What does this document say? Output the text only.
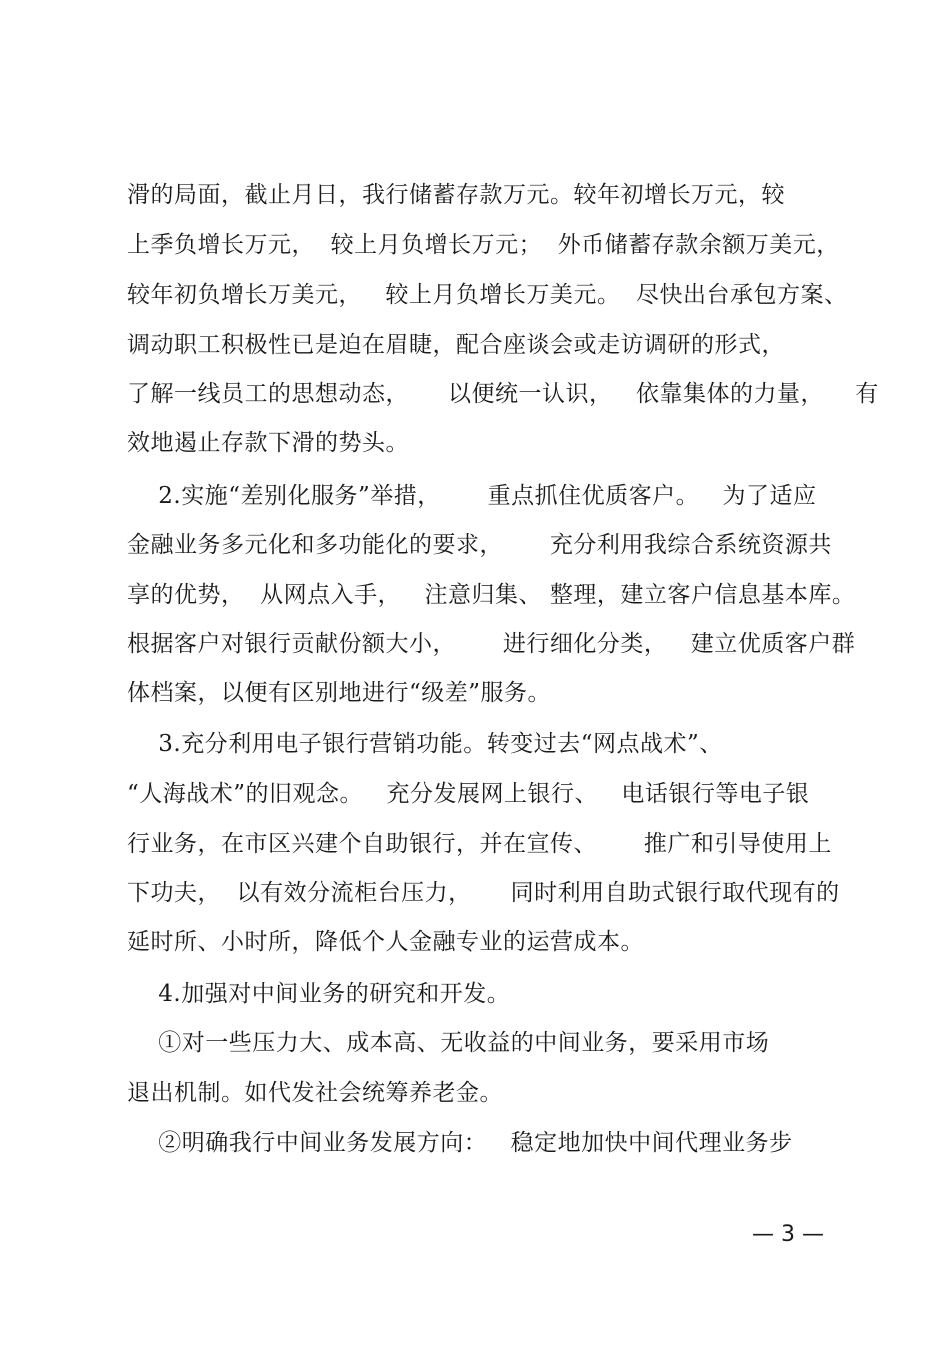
滑的局面，截止月日，我行储蓄存款万元。较年初增长万元，较
上季负增长万元，  较上月负增长万元；  外币储蓄存款余额万美元，
较年初负增长万美元，   较上月负增长万美元。  尽快出台承包方案、
调动职工积极性已是迫在眉睫，配合座谈会或走访调研的形式，
了解一线员工的思想动态，     以便统一认识，   依靠集体的力量，    有
效地遏止存款下滑的势头。
2.实施“差别化服务”举措，      重点抓住优质客户。   为了适应
金融业务多元化和多功能化的要求，      充分利用我综合系统资源共
享的优势，  从网点入手，   注意归集、 整理，建立客户信息基本库。
根据客户对银行贡献份额大小，      进行细化分类，   建立优质客户群
体档案，以便有区别地进行“级差”服务。
3.充分利用电子银行营销功能。转变过去“网点战术”、
“人海战术”的旧观念。   充分发展网上银行、   电话银行等电子银
行业务，在市区兴建个自助银行，并在宣传、      推广和引导使用上
下功夫，  以有效分流柜台压力，     同时利用自助式银行取代现有的
延时所、小时所，降低个人金融专业的运营成本。
4.加强对中间业务的研究和开发。
①对一些压力大、成本高、无收益的中间业务，要采用市场
退出机制。如代发社会统筹养老金。
②明确我行中间业务发展方向：   稳定地加快中间代理业务步
— 3 —
